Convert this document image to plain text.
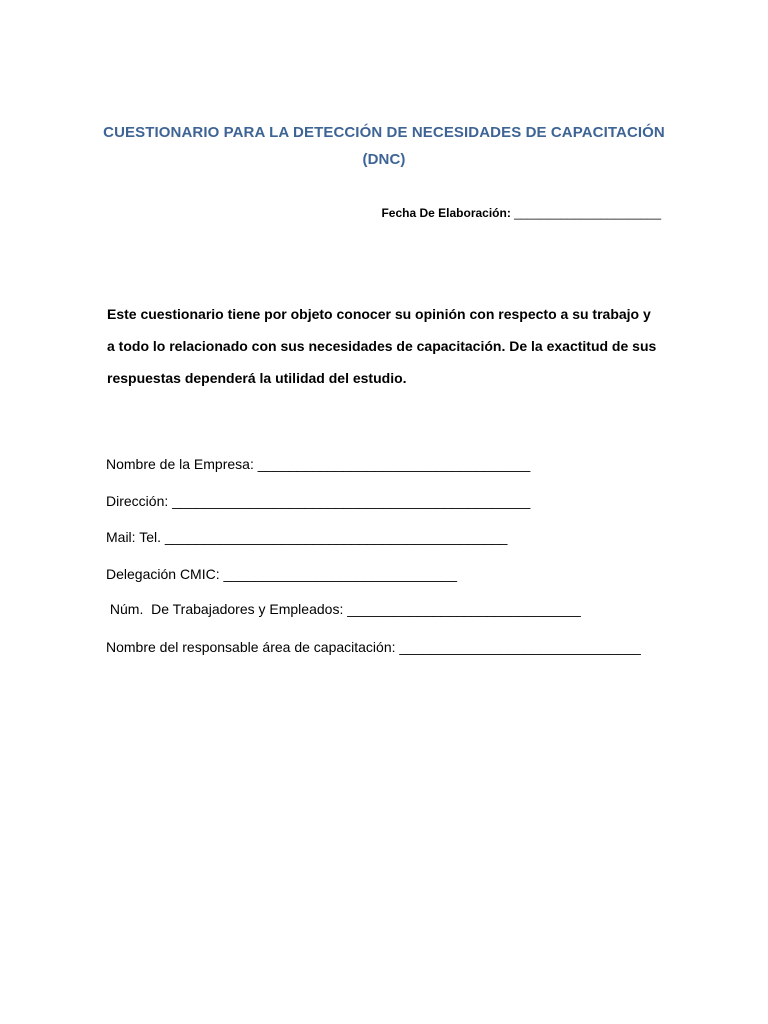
CUESTIONARIO PARA LA DETECCIÓN DE NECESIDADES DE CAPACITACIÓN
(DNC)
Fecha De Elaboración: ______________________
Este cuestionario tiene por objeto conocer su opinión con respecto a su trabajo y
a todo lo relacionado con sus necesidades de capacitación. De la exactitud de sus
respuestas dependerá la utilidad del estudio.
Nombre de la Empresa: ___________________________________
Dirección: ______________________________________________
Mail: Tel. ____________________________________________
Delegación CMIC: ______________________________
Núm.  De Trabajadores y Empleados: ______________________________
Nombre del responsable área de capacitación: _______________________________
